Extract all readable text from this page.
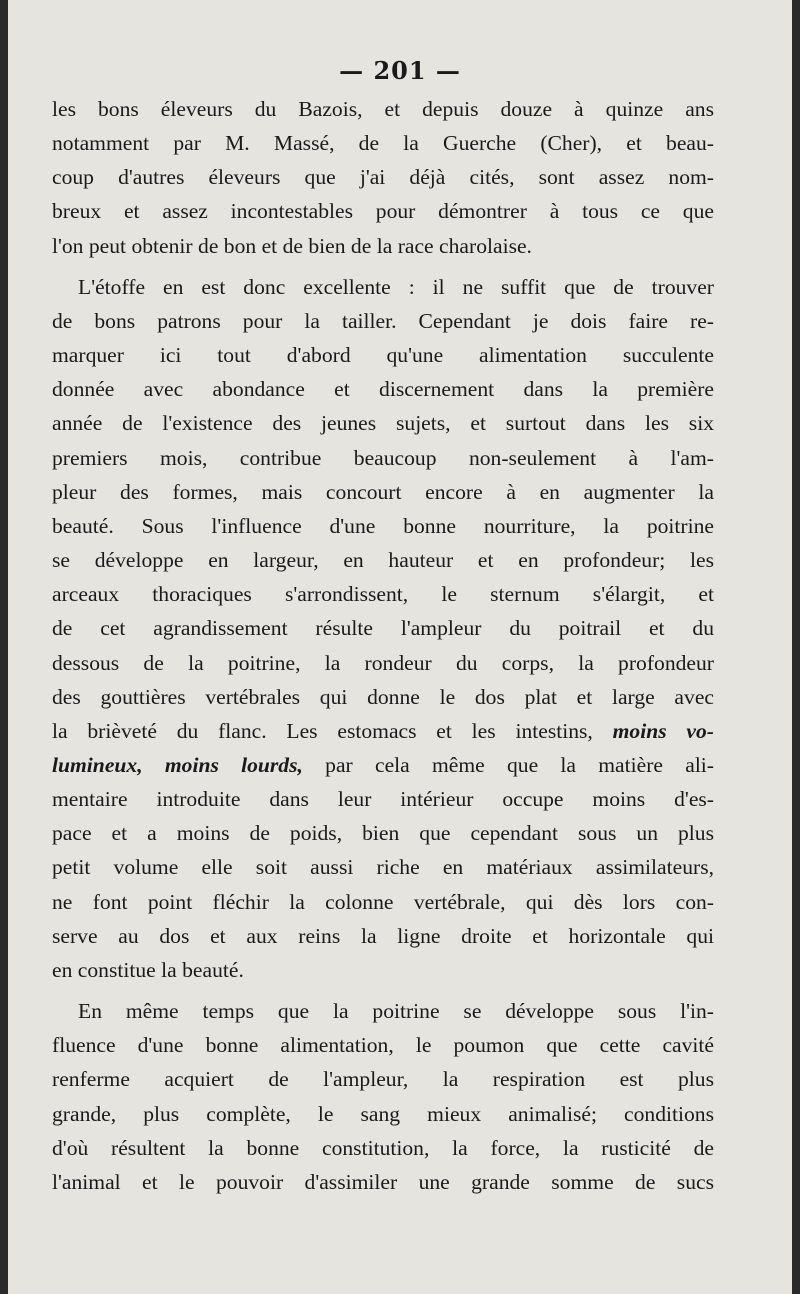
— 201 —
les bons éleveurs du Bazois, et depuis douze à quinze ans
notamment par M. Massé, de la Guerche (Cher), et beau-
coup d'autres éleveurs que j'ai déjà cités, sont assez nom-
breux et assez incontestables pour démontrer à tous ce que
l'on peut obtenir de bon et de bien de la race charolaise.
L'étoffe en est donc excellente : il ne suffit que de trouver
de bons patrons pour la tailler. Cependant je dois faire re-
marquer ici tout d'abord qu'une alimentation succulente
donnée avec abondance et discernement dans la première
année de l'existence des jeunes sujets, et surtout dans les six
premiers mois, contribue beaucoup non-seulement à l'am-
pleur des formes, mais concourt encore à en augmenter la
beauté. Sous l'influence d'une bonne nourriture, la poitrine
se développe en largeur, en hauteur et en profondeur; les
arceaux thoraciques s'arrondissent, le sternum s'élargit, et
de cet agrandissement résulte l'ampleur du poitrail et du
dessous de la poitrine, la rondeur du corps, la profondeur
des gouttières vertébrales qui donne le dos plat et large avec
la brièveté du flanc. Les estomacs et les intestins, moins vo-
lumineux, moins lourds, par cela même que la matière ali-
mentaire introduite dans leur intérieur occupe moins d'es-
pace et a moins de poids, bien que cependant sous un plus
petit volume elle soit aussi riche en matériaux assimilateurs,
ne font point fléchir la colonne vertébrale, qui dès lors con-
serve au dos et aux reins la ligne droite et horizontale qui
en constitue la beauté.
En même temps que la poitrine se développe sous l'in-
fluence d'une bonne alimentation, le poumon que cette cavité
renferme acquiert de l'ampleur, la respiration est plus
grande, plus complète, le sang mieux animalisé; conditions
d'où résultent la bonne constitution, la force, la rusticité de
l'animal et le pouvoir d'assimiler une grande somme de sucs
